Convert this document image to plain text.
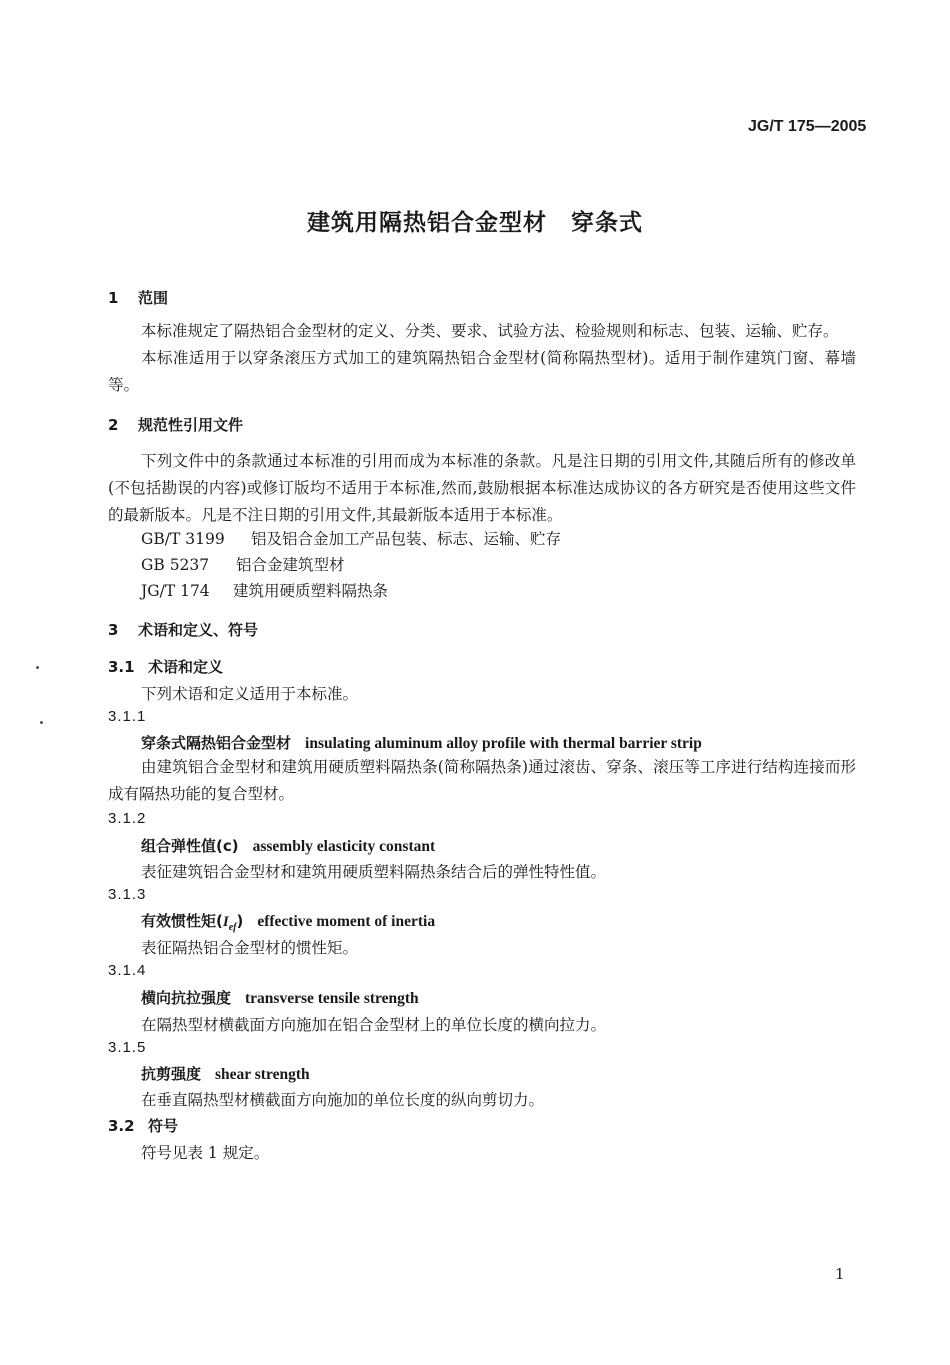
JG/T 175—2005
建筑用隔热铝合金型材　穿条式
1 范围
本标准规定了隔热铝合金型材的定义、分类、要求、试验方法、检验规则和标志、包装、运输、贮存。
本标准适用于以穿条滚压方式加工的建筑隔热铝合金型材(简称隔热型材)。适用于制作建筑门窗、幕墙等。
2 规范性引用文件
下列文件中的条款通过本标准的引用而成为本标准的条款。凡是注日期的引用文件,其随后所有的修改单(不包括勘误的内容)或修订版均不适用于本标准,然而,鼓励根据本标准达成协议的各方研究是否使用这些文件的最新版本。凡是不注日期的引用文件,其最新版本适用于本标准。
GB/T 3199 铝及铝合金加工产品包装、标志、运输、贮存
GB 5237 铝合金建筑型材
JG/T 174 建筑用硬质塑料隔热条
3 术语和定义、符号
3.1 术语和定义
下列术语和定义适用于本标准。
3.1.1
穿条式隔热铝合金型材 insulating aluminum alloy profile with thermal barrier strip
由建筑铝合金型材和建筑用硬质塑料隔热条(简称隔热条)通过滚齿、穿条、滚压等工序进行结构连接而形成有隔热功能的复合型材。
3.1.2
组合弹性值(c) assembly elasticity constant
表征建筑铝合金型材和建筑用硬质塑料隔热条结合后的弹性特性值。
3.1.3
有效惯性矩$(I_{ef})$ effective moment of inertia
表征隔热铝合金型材的惯性矩。
3.1.4
横向抗拉强度 transverse tensile strength
在隔热型材横截面方向施加在铝合金型材上的单位长度的横向拉力。
3.1.5
抗剪强度 shear strength
在垂直隔热型材横截面方向施加的单位长度的纵向剪切力。
3.2 符号
符号见表 1 规定。
1
